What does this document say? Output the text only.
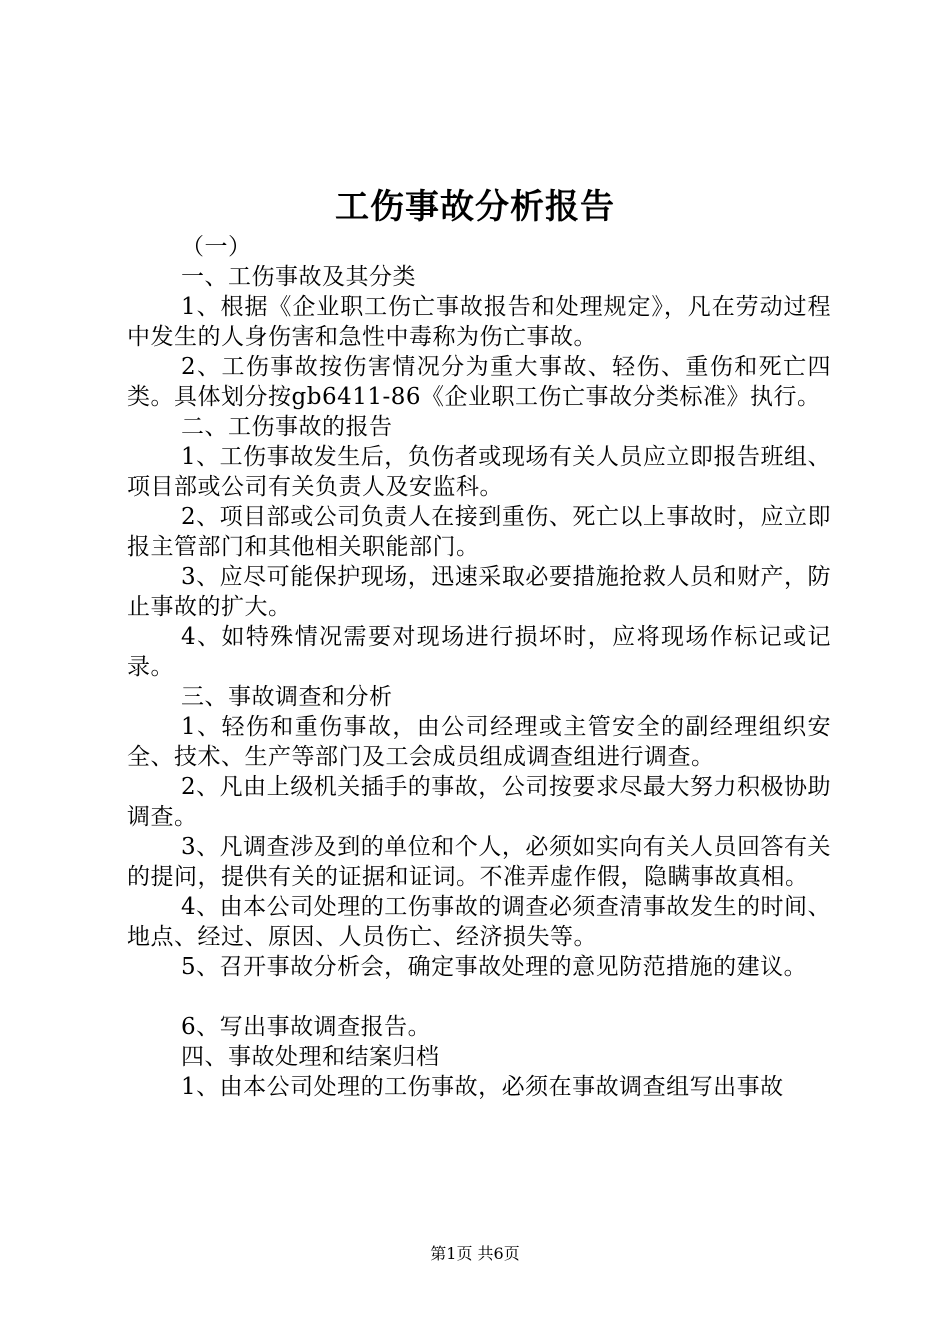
工伤事故分析报告

（一）

一、工伤事故及其分类

1、根据《企业职工伤亡事故报告和处理规定》，凡在劳动过程中发生的人身伤害和急性中毒称为伤亡事故。

2、工伤事故按伤害情况分为重大事故、轻伤、重伤和死亡四类。具体划分按gb6411-86《企业职工伤亡事故分类标准》执行。

二、工伤事故的报告

1、工伤事故发生后，负伤者或现场有关人员应立即报告班组、项目部或公司有关负责人及安监科。

2、项目部或公司负责人在接到重伤、死亡以上事故时，应立即报主管部门和其他相关职能部门。

3、应尽可能保护现场，迅速采取必要措施抢救人员和财产，防止事故的扩大。

4、如特殊情况需要对现场进行损坏时，应将现场作标记或记录。

三、事故调查和分析

1、轻伤和重伤事故，由公司经理或主管安全的副经理组织安全、技术、生产等部门及工会成员组成调查组进行调查。

2、凡由上级机关插手的事故，公司按要求尽最大努力积极协助调查。

3、凡调查涉及到的单位和个人，必须如实向有关人员回答有关的提问，提供有关的证据和证词。不准弄虚作假，隐瞒事故真相。

4、由本公司处理的工伤事故的调查必须查清事故发生的时间、地点、经过、原因、人员伤亡、经济损失等。

5、召开事故分析会，确定事故处理的意见防范措施的建议。

6、写出事故调查报告。

四、事故处理和结案归档

1、由本公司处理的工伤事故，必须在事故调查组写出事故

第1页 共6页
